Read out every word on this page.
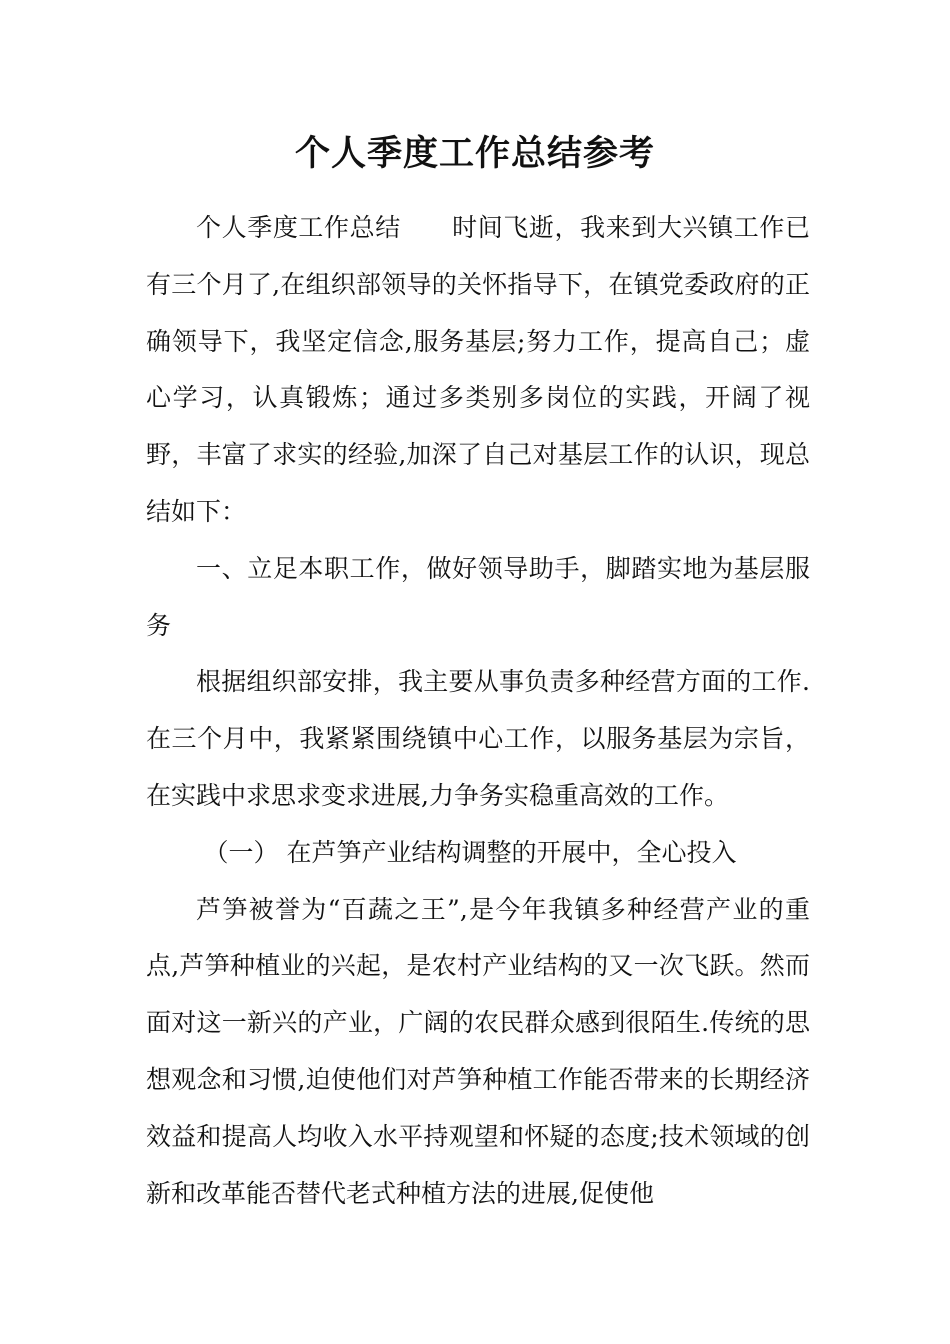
个人季度工作总结参考

个人季度工作总结　　时间飞逝，我来到大兴镇工作已有三个月了,在组织部领导的关怀指导下，在镇党委政府的正确领导下，我坚定信念,服务基层;努力工作，提高自己；虚心学习，认真锻炼；通过多类别多岗位的实践，开阔了视野，丰富了求实的经验,加深了自己对基层工作的认识，现总结如下：

一、立足本职工作，做好领导助手，脚踏实地为基层服务

根据组织部安排，我主要从事负责多种经营方面的工作.在三个月中，我紧紧围绕镇中心工作，以服务基层为宗旨，在实践中求思求变求进展,力争务实稳重高效的工作。

（一） 在芦笋产业结构调整的开展中，全心投入

芦笋被誉为“百蔬之王”,是今年我镇多种经营产业的重点,芦笋种植业的兴起，是农村产业结构的又一次飞跃。然而面对这一新兴的产业，广阔的农民群众感到很陌生.传统的思想观念和习惯,迫使他们对芦笋种植工作能否带来的长期经济效益和提高人均收入水平持观望和怀疑的态度;技术领域的创新和改革能否替代老式种植方法的进展,促使他
